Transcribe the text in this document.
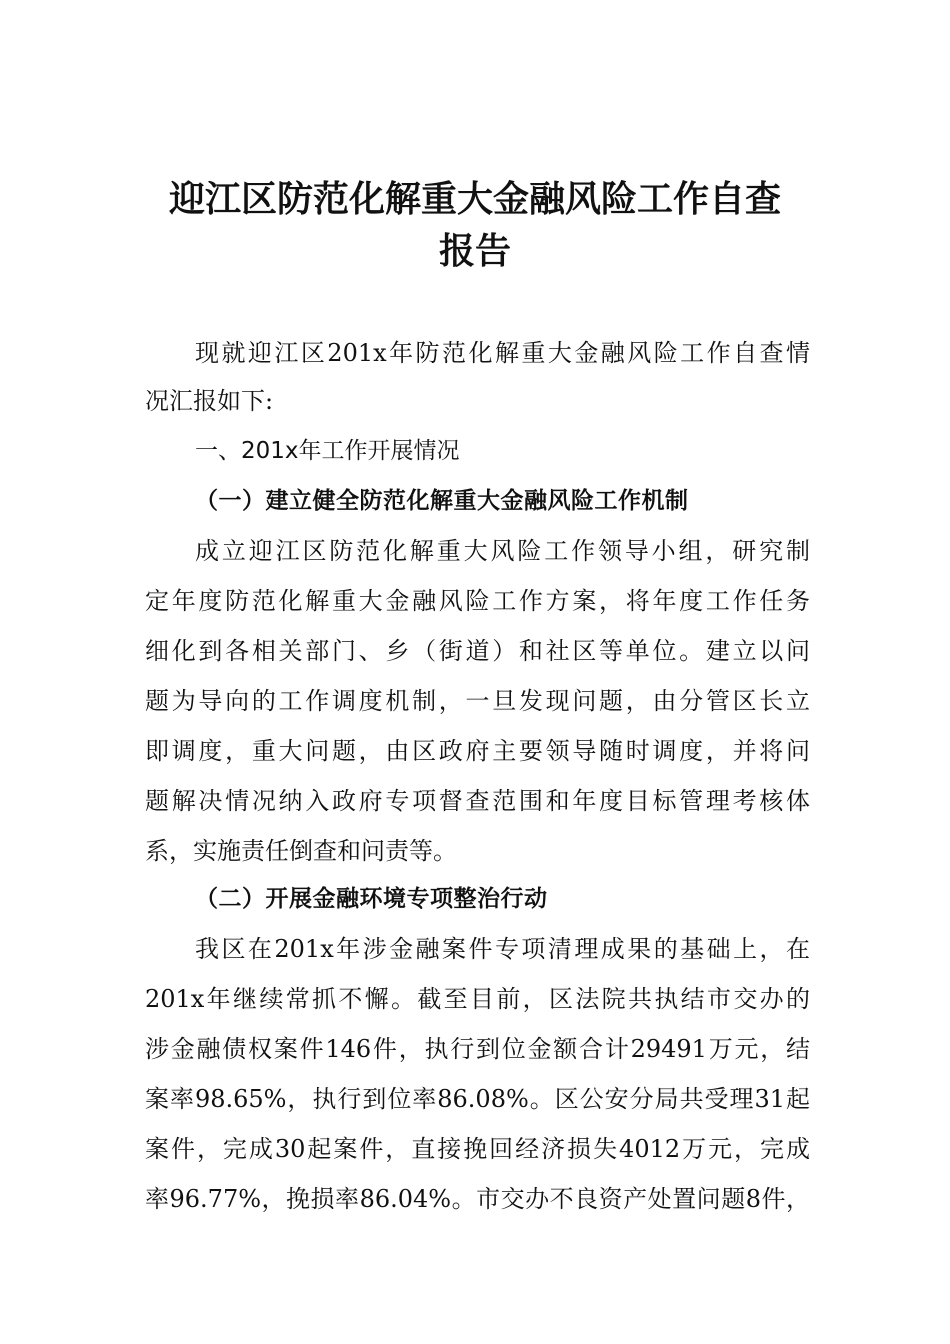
迎江区防范化解重大金融风险工作自查
报告
现就迎江区201x年防范化解重大金融风险工作自查情
况汇报如下:
一、201x年工作开展情况
（一）建立健全防范化解重大金融风险工作机制
成立迎江区防范化解重大风险工作领导小组，研究制
定年度防范化解重大金融风险工作方案，将年度工作任务
细化到各相关部门、乡（街道）和社区等单位。建立以问
题为导向的工作调度机制，一旦发现问题，由分管区长立
即调度，重大问题，由区政府主要领导随时调度，并将问
题解决情况纳入政府专项督查范围和年度目标管理考核体
系，实施责任倒查和问责等。
（二）开展金融环境专项整治行动
我区在201x年涉金融案件专项清理成果的基础上，在
201x年继续常抓不懈。截至目前，区法院共执结市交办的
涉金融债权案件146件，执行到位金额合计29491万元，结
案率98.65%，执行到位率86.08%。区公安分局共受理31起
案件，完成30起案件，直接挽回经济损失4012万元，完成
率96.77%，挽损率86.04%。市交办不良资产处置问题8件，
